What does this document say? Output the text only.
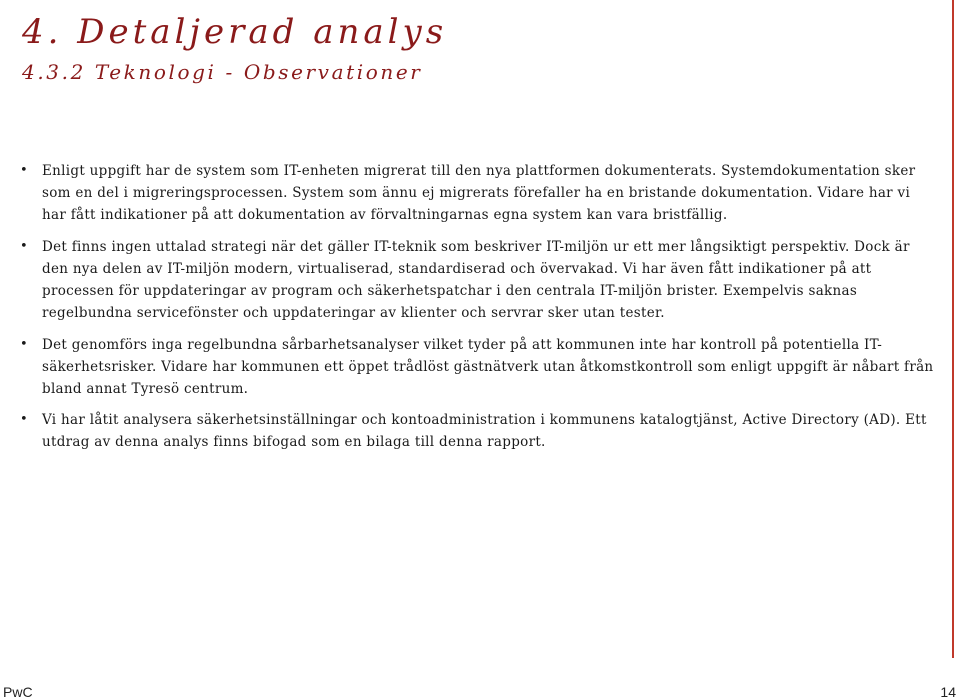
4. Detaljerad analys
4.3.2 Teknologi - Observationer
• Enligt uppgift har de system som IT-enheten migrerat till den nya plattformen dokumenterats. Systemdokumentation sker som en del i migreringsprocessen. System som ännu ej migrerats förefaller ha en bristande dokumentation. Vidare har vi har fått indikationer på att dokumentation av förvaltningarnas egna system kan vara bristfällig.
• Det finns ingen uttalad strategi när det gäller IT-teknik som beskriver IT-miljön ur ett mer långsiktigt perspektiv. Dock är den nya delen av IT-miljön modern, virtualiserad, standardiserad och övervakad. Vi har även fått indikationer på att processen för uppdateringar av program och säkerhetspatchar i den centrala IT-miljön brister. Exempelvis saknas regelbundna servicefönster och uppdateringar av klienter och servrar sker utan tester.
• Det genomförs inga regelbundna sårbarhetsanalyser vilket tyder på att kommunen inte har kontroll på potentiella IT-säkerhetsrisker. Vidare har kommunen ett öppet trådlöst gästnätverk utan åtkomstkontroll som enligt uppgift är nåbart från bland annat Tyresö centrum.
• Vi har låtit analysera säkerhetsinställningar och kontoadministration i kommunens katalogtjänst, Active Directory (AD). Ett utdrag av denna analys finns bifogad som en bilaga till denna rapport.
PwC	14
